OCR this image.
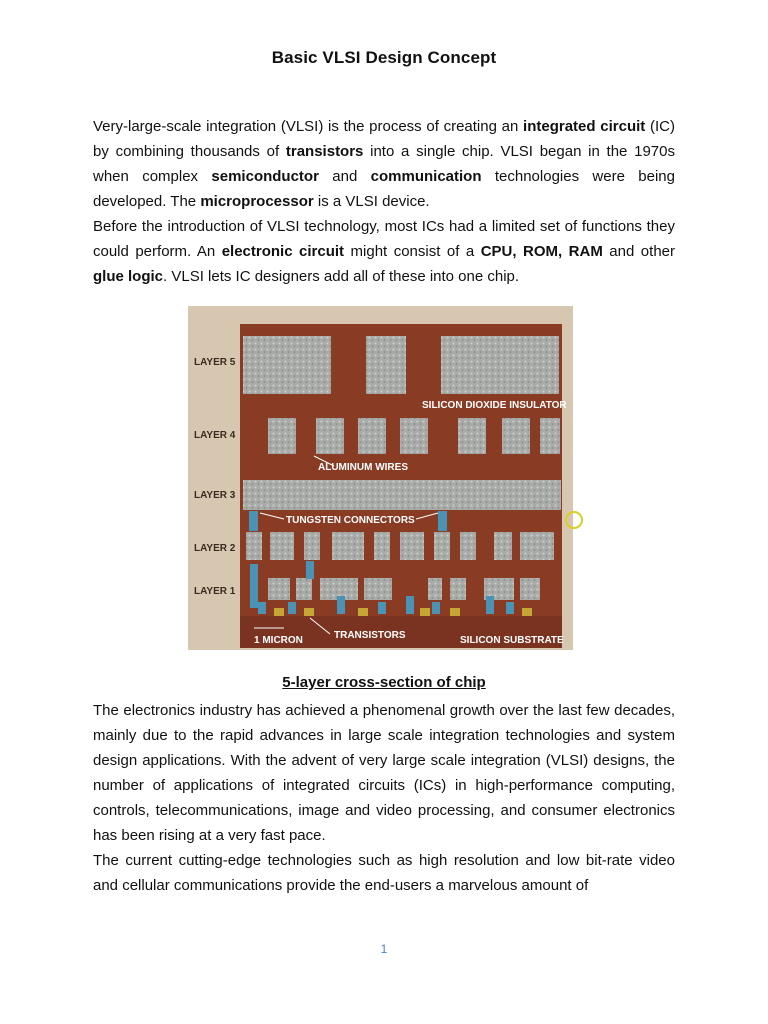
Basic VLSI Design Concept

Very-large-scale integration (VLSI) is the process of creating an integrated circuit (IC) by combining thousands of transistors into a single chip. VLSI began in the 1970s when complex semiconductor and communication technologies were being developed. The microprocessor is a VLSI device.

Before the introduction of VLSI technology, most ICs had a limited set of functions they could perform. An electronic circuit might consist of a CPU, ROM, RAM and other glue logic. VLSI lets IC designers add all of these into one chip.

LAYER 5
LAYER 4
LAYER 3
LAYER 2
LAYER 1
SILICON DIOXIDE INSULATOR
ALUMINUM WIRES
TUNGSTEN CONNECTORS
1 MICRON	TRANSISTORS	SILICON SUBSTRATE
5-layer cross-section of chip

The electronics industry has achieved a phenomenal growth over the last few decades, mainly due to the rapid advances in large scale integration technologies and system design applications. With the advent of very large scale integration (VLSI) designs, the number of applications of integrated circuits (ICs) in high-performance computing, controls, telecommunications, image and video processing, and consumer electronics has been rising at a very fast pace.

The current cutting-edge technologies such as high resolution and low bit-rate video and cellular communications provide the end-users a marvelous amount of

1
